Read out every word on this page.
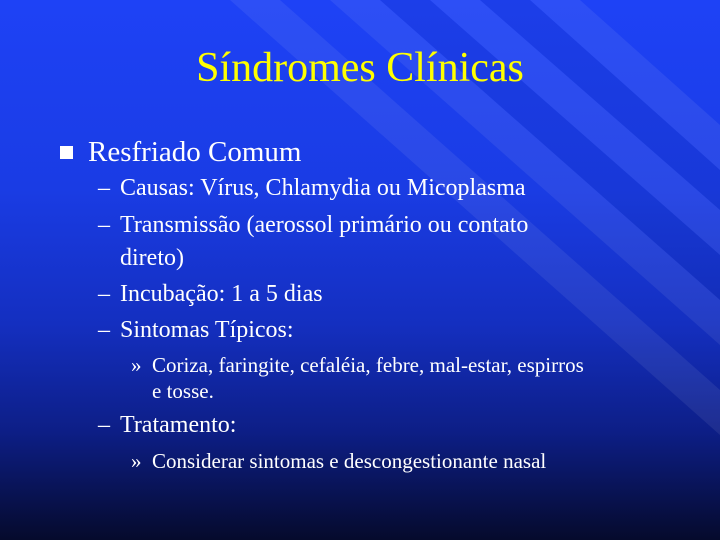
Síndromes Clínicas
Resfriado Comum
– Causas: Vírus, Chlamydia ou Micoplasma
– Transmissão (aerossol primário ou contato
direto)
– Incubação: 1 a 5 dias
– Sintomas Típicos:
» Coriza, faringite, cefaléia, febre, mal-estar, espirros
e tosse.
– Tratamento:
» Considerar sintomas e descongestionante nasal
